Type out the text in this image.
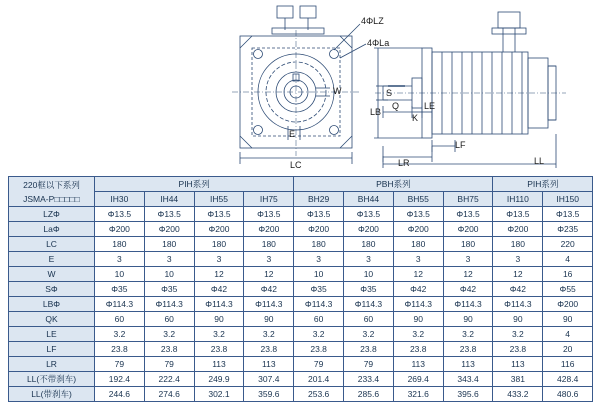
4ΦLZ
4ΦLa
W
E
LC
S
Q
K
LE
LB
LF
LR	LL
220框以下系列
JSMA-P□□□□□	PIH系列				PBH系列				PIH系列	
	IH30	IH44	IH55	IH75	BH29	BH44	BH55	BH75	IH110	IH150
LZΦ	Φ13.5	Φ13.5	Φ13.5	Φ13.5	Φ13.5	Φ13.5	Φ13.5	Φ13.5	Φ13.5	Φ13.5
LaΦ	Φ200	Φ200	Φ200	Φ200	Φ200	Φ200	Φ200	Φ200	Φ200	Φ235
LC	180	180	180	180	180	180	180	180	180	220
E	3	3	3	3	3	3	3	3	3	4
W	10	10	12	12	10	10	12	12	12	16
SΦ	Φ35	Φ35	Φ42	Φ42	Φ35	Φ35	Φ42	Φ42	Φ42	Φ55
LBΦ	Φ114.3	Φ114.3	Φ114.3	Φ114.3	Φ114.3	Φ114.3	Φ114.3	Φ114.3	Φ114.3	Φ200
QK	60	60	90	90	60	60	90	90	90	90
LE	3.2	3.2	3.2	3.2	3.2	3.2	3.2	3.2	3.2	4
LF	23.8	23.8	23.8	23.8	23.8	23.8	23.8	23.8	23.8	20
LR	79	79	113	113	79	79	113	113	113	116
LL(不带刹车)	192.4	222.4	249.9	307.4	201.4	233.4	269.4	343.4	381	428.4
LL(带刹车)	244.6	274.6	302.1	359.6	253.6	285.6	321.6	395.6	433.2	480.6
